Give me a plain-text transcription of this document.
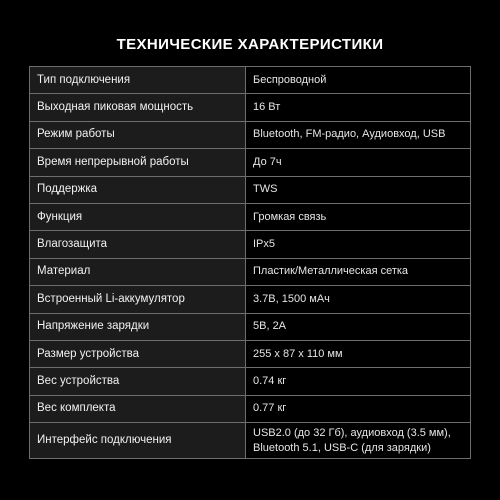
ТЕХНИЧЕСКИЕ ХАРАКТЕРИСТИКИ
Тип подключения	Беспроводной
Выходная пиковая мощность	16 Вт
Режим работы	Bluetooth, FM-радио, Аудиовход, USB
Время непрерывной работы	До 7ч
Поддержка	TWS
Функция	Громкая связь
Влагозащита	IPx5
Материал	Пластик/Металлическая сетка
Встроенный Li-аккумулятор	3.7В, 1500 мАч
Напряжение зарядки	5В, 2А
Размер устройства	255 x 87 x 110 мм
Вес устройства	0.74 кг
Вес комплекта	0.77 кг
Интерфейс подключения	USB2.0 (до 32 Гб), аудиовход (3.5 мм),
Bluetooth 5.1, USB-C (для зарядки)
